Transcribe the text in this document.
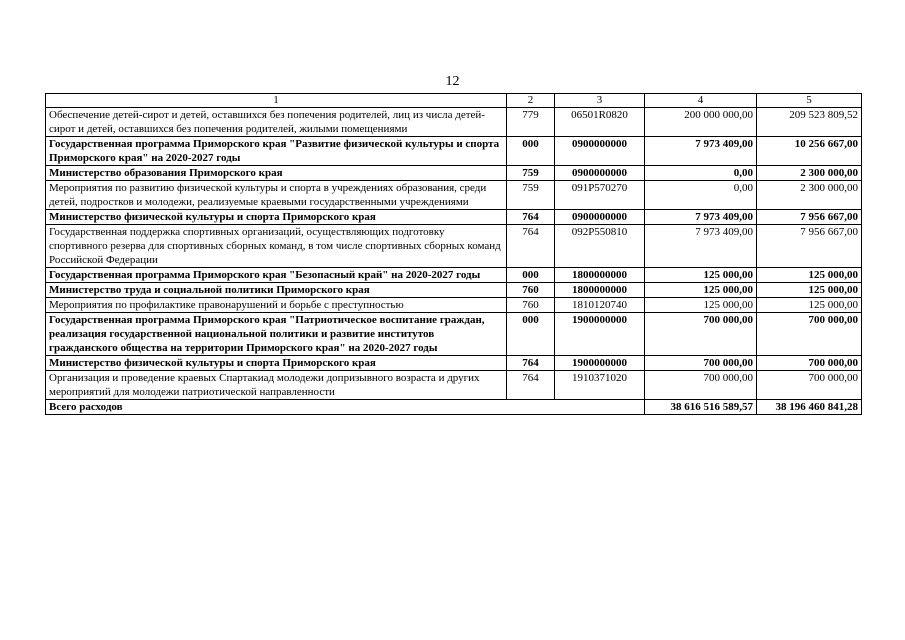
12
1	2	3	4	5
Обеспечение детей-сирот и детей, оставшихся без попечения родителей, лиц из числа детей-сирот и детей, оставшихся без попечения родителей, жилыми помещениями	779	06501R0820	200 000 000,00	209 523 809,52
Государственная программа Приморского края "Развитие физической культуры и спорта Приморского края" на 2020-2027 годы	000	0900000000	7 973 409,00	10 256 667,00
Министерство образования Приморского края	759	0900000000	0,00	2 300 000,00
Мероприятия по развитию физической культуры и спорта в учреждениях образования, среди детей, подростков и молодежи, реализуемые краевыми государственными учреждениями	759	091P570270	0,00	2 300 000,00
Министерство физической культуры и спорта Приморского края	764	0900000000	7 973 409,00	7 956 667,00
Государственная поддержка спортивных организаций, осуществляющих подготовку спортивного резерва для спортивных сборных команд, в том числе спортивных сборных команд Российской Федерации	764	092P550810	7 973 409,00	7 956 667,00
Государственная программа Приморского края "Безопасный край" на 2020-2027 годы	000	1800000000	125 000,00	125 000,00
Министерство труда и социальной политики Приморского края	760	1800000000	125 000,00	125 000,00
Мероприятия по профилактике правонарушений и борьбе с преступностью	760	1810120740	125 000,00	125 000,00
Государственная программа Приморского края "Патриотическое воспитание граждан, реализация государственной национальной политики и развитие институтов гражданского общества на территории Приморского края" на 2020-2027 годы	000	1900000000	700 000,00	700 000,00
Министерство физической культуры и спорта Приморского края	764	1900000000	700 000,00	700 000,00
Организация и проведение краевых Спартакиад молодежи допризывного возраста и других мероприятий для молодежи патриотической направленности	764	1910371020	700 000,00	700 000,00
Всего расходов			38 616 516 589,57	38 196 460 841,28
